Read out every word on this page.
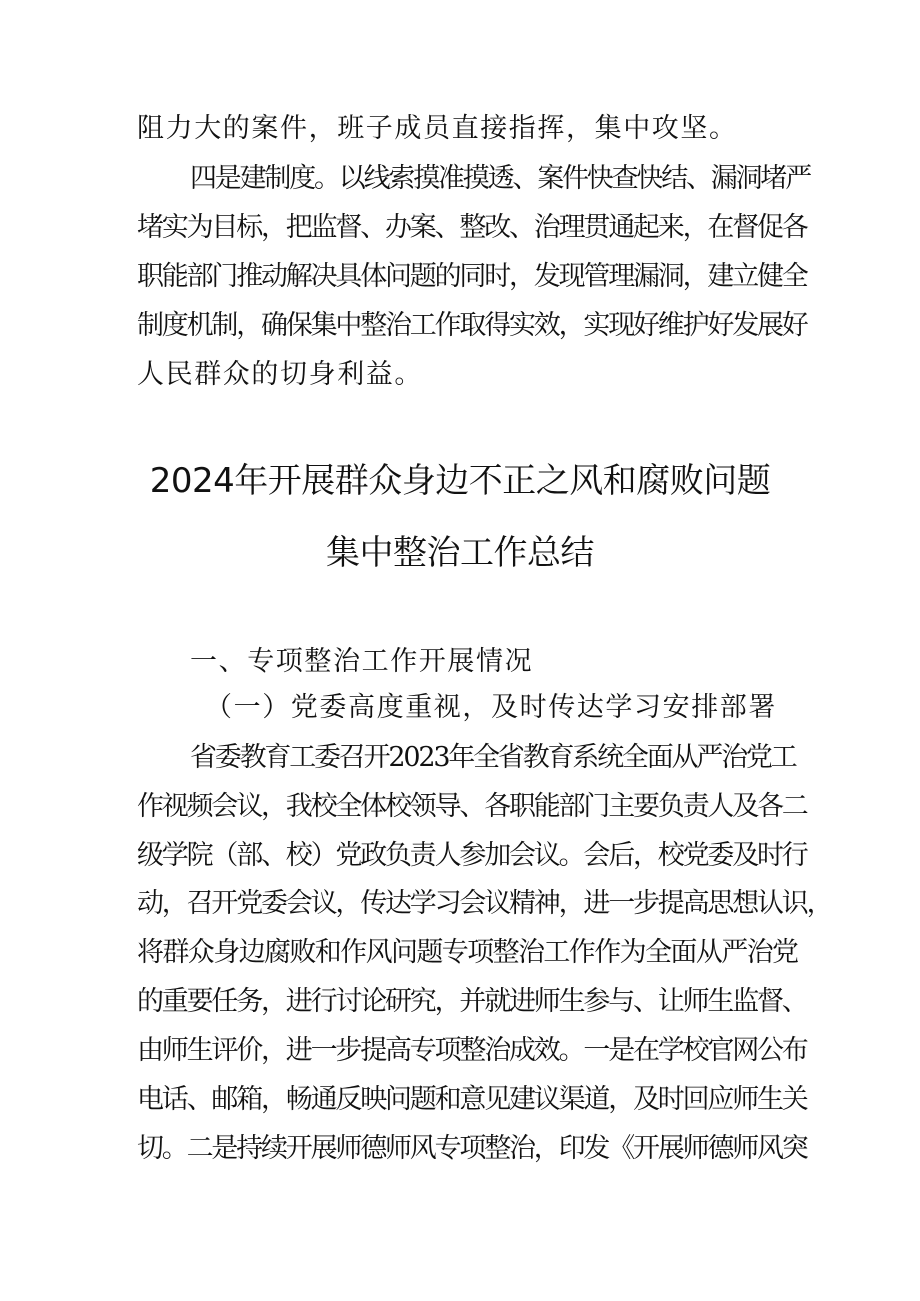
阻力大的案件，班子成员直接指挥，集中攻坚。
四是建制度。以线索摸准摸透、案件快查快结、漏洞堵严
堵实为目标，把监督、办案、整改、治理贯通起来，在督促各
职能部门推动解决具体问题的同时，发现管理漏洞，建立健全
制度机制，确保集中整治工作取得实效，实现好维护好发展好
人民群众的切身利益。
2024年开展群众身边不正之风和腐败问题
集中整治工作总结
一、专项整治工作开展情况
（一）党委高度重视，及时传达学习安排部署
省委教育工委召开2023年全省教育系统全面从严治党工
作视频会议，我校全体校领导、各职能部门主要负责人及各二
级学院（部、校）党政负责人参加会议。会后，校党委及时行
动，召开党委会议，传达学习会议精神，进一步提高思想认识，
将群众身边腐败和作风问题专项整治工作作为全面从严治党
的重要任务，进行讨论研究，并就进师生参与、让师生监督、
由师生评价，进一步提高专项整治成效。一是在学校官网公布
电话、邮箱，畅通反映问题和意见建议渠道，及时回应师生关
切。二是持续开展师德师风专项整治，印发《开展师德师风突
